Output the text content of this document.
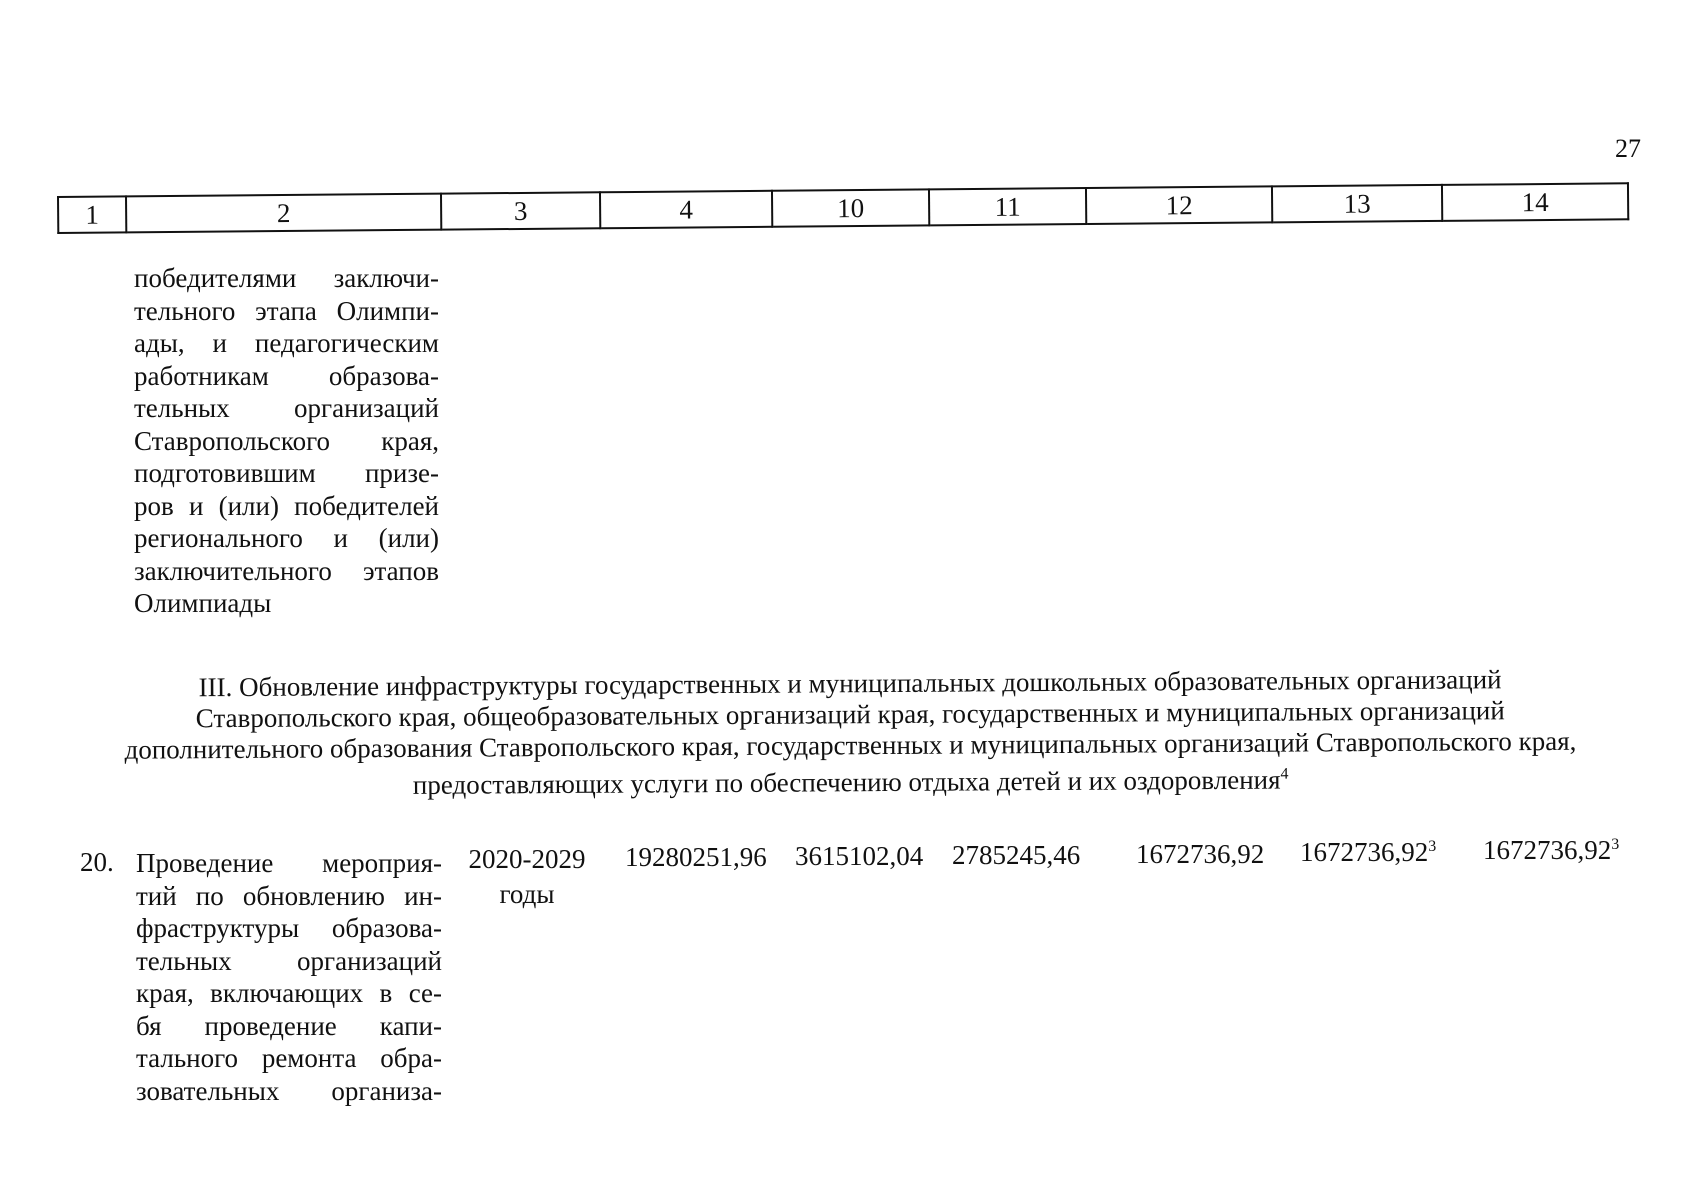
27
1	2	3	4	10	11	12	13	14
победителями заключи-
тельного этапа Олимпи-
ады, и педагогическим
работникам образова-
тельных организаций
Ставропольского края,
подготовившим призе-
ров и (или) победителей
регионального и (или)
заключительного этапов
Олимпиады
III. Обновление инфраструктуры государственных и муниципальных дошкольных образовательных организаций
Ставропольского края, общеобразовательных организаций края, государственных и муниципальных организаций
дополнительного образования Ставропольского края, государственных и муниципальных организаций Ставропольского края,
предоставляющих услуги по обеспечению отдыха детей и их оздоровления$^4$
20. Проведение мероприя-
тий по обновлению ин-
фраструктуры образова-
тельных организаций
края, включающих в се-
бя проведение капи-
тального ремонта обра-
зовательных организа-
2020-2029
годы
19280251,96 3615102,04 2785245,46 1672736,92 1672736,92$^3$ 1672736,92$^3$
